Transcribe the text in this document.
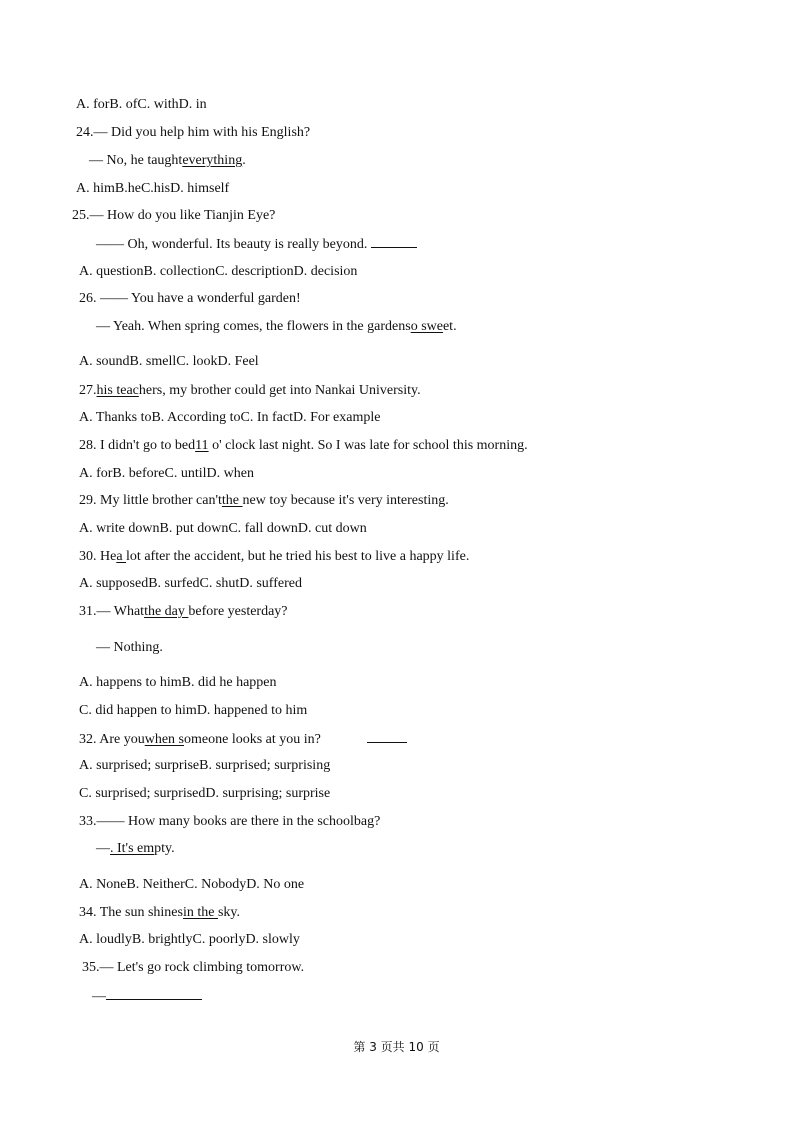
A. forB. ofC. withD. in
24.— Did you help him with his English?
— No, he taughteverything.
A. himB.heC.hisD. himself
25.— How do you like Tianjin Eye?
—— Oh, wonderful. Its beauty is really beyond.
A. questionB. collectionC. descriptionD. decision
26. —— You have a wonderful garden!
— Yeah. When spring comes, the flowers in the gardenso sweet.
A. soundB. smellC. lookD. Feel
27.his teachers, my brother could get into Nankai University.
A. Thanks toB. According toC. In factD. For example
28. I didn't go to bed11 o' clock last night. So I was late for school this morning.
A. forB. beforeC. untilD. when
29. My little brother can'tthe new toy because it's very interesting.
A. write downB. put downC. fall downD. cut down
30. Hea lot after the accident, but he tried his best to live a happy life.
A. supposedB. surfedC. shutD. suffered
31.— Whatthe day before yesterday?
— Nothing.
A. happens to himB. did he happen
C. did happen to himD. happened to him
32. Are youwhen someone looks at you in?
A. surprised; surpriseB. surprised; surprising
C. surprised; surprisedD. surprising; surprise
33.—— How many books are there in the schoolbag?
—. It's empty.
A. NoneB. NeitherC. NobodyD. No one
34. The sun shinesin the sky.
A. loudlyB. brightlyC. poorlyD. slowly
35.— Let's go rock climbing tomorrow.
—
第 3 页共 10 页
